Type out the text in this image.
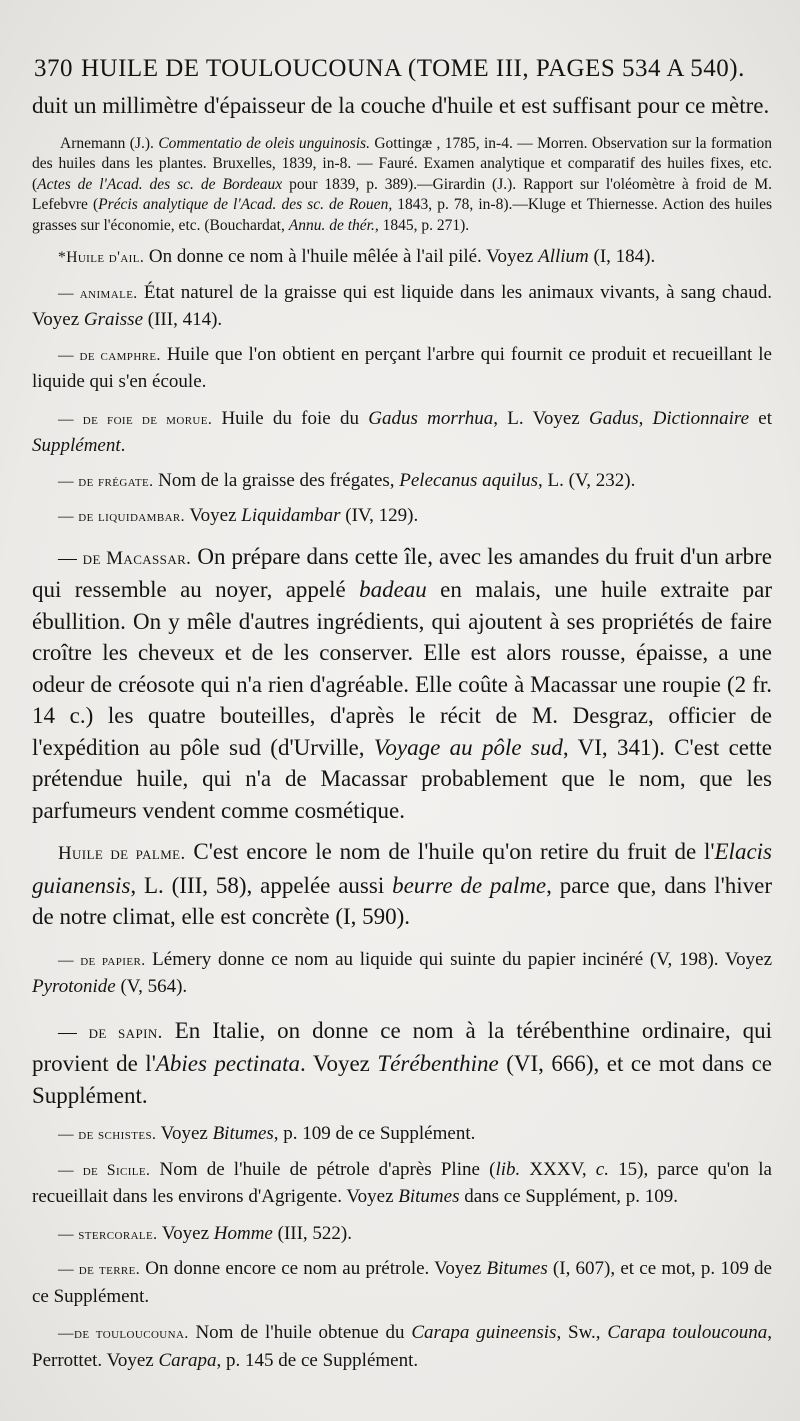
370 HUILE DE TOULOUCOUNA (TOME III, PAGES 534 A 540).

duit un millimètre d'épaisseur de la couche d'huile et est suffisant pour ce mètre.

Arnemann (J.). Commentatio de oleis unguinosis. Gottingæ , 1785, in-4. — Morren. Observation sur la formation des huiles dans les plantes. Bruxelles, 1839, in-8. — Fauré. Examen analytique et comparatif des huiles fixes, etc. (Actes de l'Acad. des sc. de Bordeaux pour 1839, p. 389).—Girardin (J.). Rapport sur l'oléomètre à froid de M. Lefebvre (Précis analytique de l'Acad. des sc. de Rouen, 1843, p. 78, in-8).—Kluge et Thiernesse. Action des huiles grasses sur l'économie, etc. (Bouchardat, Annu. de thér., 1845, p. 271).

*Huile d'ail. On donne ce nom à l'huile mêlée à l'ail pilé. Voyez Allium (I, 184).

— animale. État naturel de la graisse qui est liquide dans les animaux vivants, à sang chaud. Voyez Graisse (III, 414).

— de camphre. Huile que l'on obtient en perçant l'arbre qui fournit ce produit et recueillant le liquide qui s'en écoule.

— de foie de morue. Huile du foie du Gadus morrhua, L. Voyez Gadus, Dictionnaire et Supplément.

— de frégate. Nom de la graisse des frégates, Pelecanus aquilus, L. (V, 232).

— de liquidambar. Voyez Liquidambar (IV, 129).

— de Macassar. On prépare dans cette île, avec les amandes du fruit d'un arbre qui ressemble au noyer, appelé badeau en malais, une huile extraite par ébullition. On y mêle d'autres ingrédients, qui ajoutent à ses propriétés de faire croître les cheveux et de les conserver. Elle est alors rousse, épaisse, a une odeur de créosote qui n'a rien d'agréable. Elle coûte à Macassar une roupie (2 fr. 14 c.) les quatre bouteilles, d'après le récit de M. Desgraz, officier de l'expédition au pôle sud (d'Urville, Voyage au pôle sud, VI, 341). C'est cette prétendue huile, qui n'a de Macassar probablement que le nom, que les parfumeurs vendent comme cosmétique.

Huile de palme. C'est encore le nom de l'huile qu'on retire du fruit de l'Elacis guianensis, L. (III, 58), appelée aussi beurre de palme, parce que, dans l'hiver de notre climat, elle est concrète (I, 590).

— de papier. Lémery donne ce nom au liquide qui suinte du papier incinéré (V, 198). Voyez Pyrotonide (V, 564).

— de sapin. En Italie, on donne ce nom à la térébenthine ordinaire, qui provient de l'Abies pectinata. Voyez Térébenthine (VI, 666), et ce mot dans ce Supplément.

— de schistes. Voyez Bitumes, p. 109 de ce Supplément.

— de Sicile. Nom de l'huile de pétrole d'après Pline (lib. XXXV, c. 15), parce qu'on la recueillait dans les environs d'Agrigente. Voyez Bitumes dans ce Supplément, p. 109.

— stercorale. Voyez Homme (III, 522).

— de terre. On donne encore ce nom au prétrole. Voyez Bitumes (I, 607), et ce mot, p. 109 de ce Supplément.

—de touloucouna. Nom de l'huile obtenue du Carapa guineensis, Sw., Carapa touloucouna, Perrottet. Voyez Carapa, p. 145 de ce Supplément.
